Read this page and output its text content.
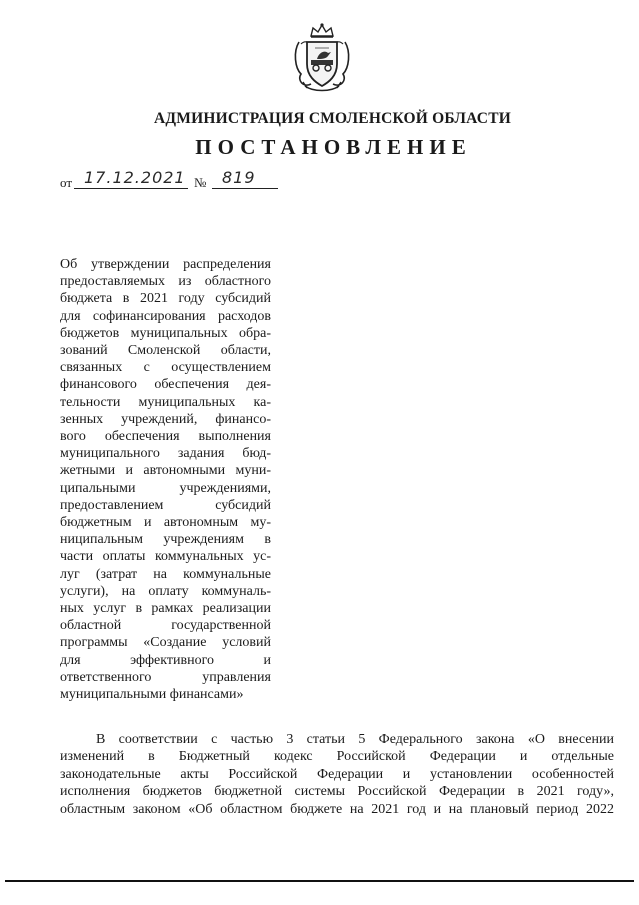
АДМИНИСТРАЦИЯ СМОЛЕНСКОЙ ОБЛАСТИ
ПОСТАНОВЛЕНИЕ
от 17.12.2021 № 819
Об утверждении распределения
предоставляемых из областного
бюджета в 2021 году субсидий
для софинансирования расходов
бюджетов муниципальных обра-
зований Смоленской области,
связанных с осуществлением
финансового обеспечения дея-
тельности муниципальных ка-
зенных учреждений, финансо-
вого обеспечения выполнения
муниципального задания бюд-
жетными и автономными муни-
ципальными учреждениями,
предоставлением субсидий
бюджетным и автономным му-
ниципальным учреждениям в
части оплаты коммунальных ус-
луг (затрат на коммунальные
услуги), на оплату коммуналь-
ных услуг в рамках реализации
областной государственной
программы «Создание условий
для эффективного и
ответственного управления
муниципальными финансами»
В соответствии с частью 3 статьи 5 Федерального закона «О внесении
изменений в Бюджетный кодекс Российской Федерации и отдельные
законодательные акты Российской Федерации и установлении особенностей
исполнения бюджетов бюджетной системы Российской Федерации в 2021 году»,
областным законом «Об областном бюджете на 2021 год и на плановый период 2022
